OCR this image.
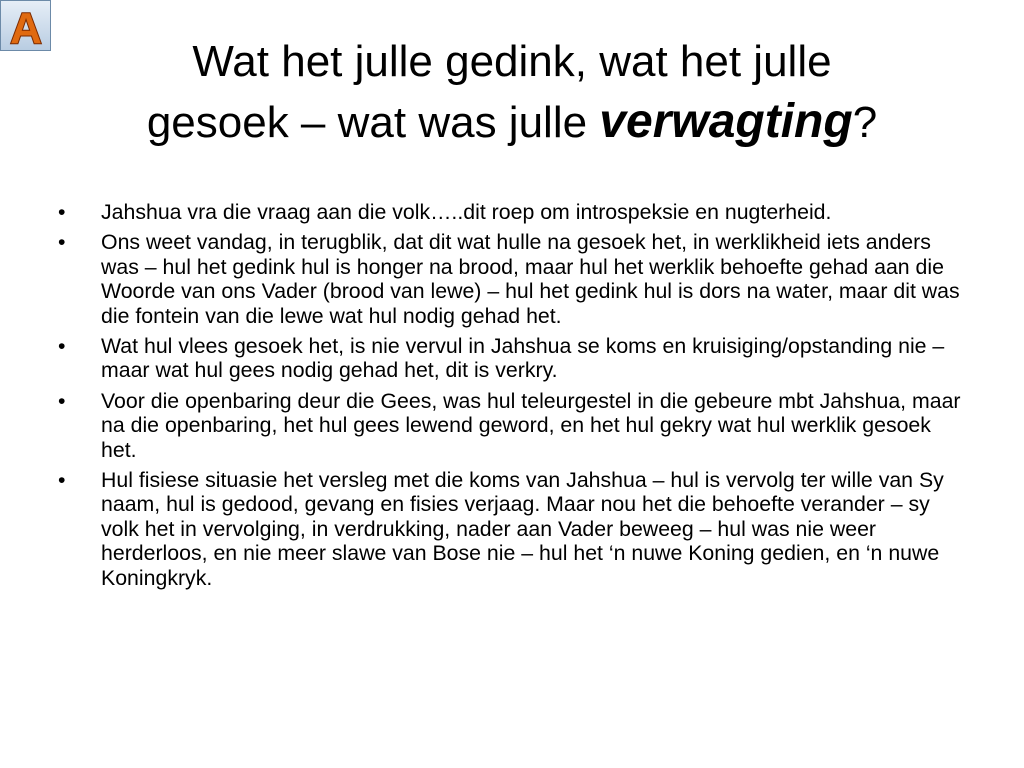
A
Wat het julle gedink, wat het julle
gesoek – wat was julle verwagting?
• Jahshua vra die vraag aan die volk…..dit roep om introspeksie en nugterheid.
• Ons weet vandag, in terugblik, dat dit wat hulle na gesoek het, in werklikheid iets anders was – hul het gedink hul is honger na brood, maar hul het werklik behoefte gehad aan die Woorde van ons Vader (brood van lewe) – hul het gedink hul is dors na water, maar dit was die fontein van die lewe wat hul nodig gehad het.
• Wat hul vlees gesoek het, is nie vervul in Jahshua se koms en kruisiging/opstanding nie – maar wat hul gees nodig gehad het, dit is verkry.
• Voor die openbaring deur die Gees, was hul teleurgestel in die gebeure mbt Jahshua, maar na die openbaring, het hul gees lewend geword, en het hul gekry wat hul werklik gesoek het.
• Hul fisiese situasie het versleg met die koms van Jahshua – hul is vervolg ter wille van Sy naam, hul is gedood, gevang en fisies verjaag. Maar nou het die behoefte verander – sy volk het in vervolging, in verdrukking, nader aan Vader beweeg – hul was nie weer herderloos, en nie meer slawe van Bose nie – hul het ‘n nuwe Koning gedien, en ‘n nuwe Koningkryk.
